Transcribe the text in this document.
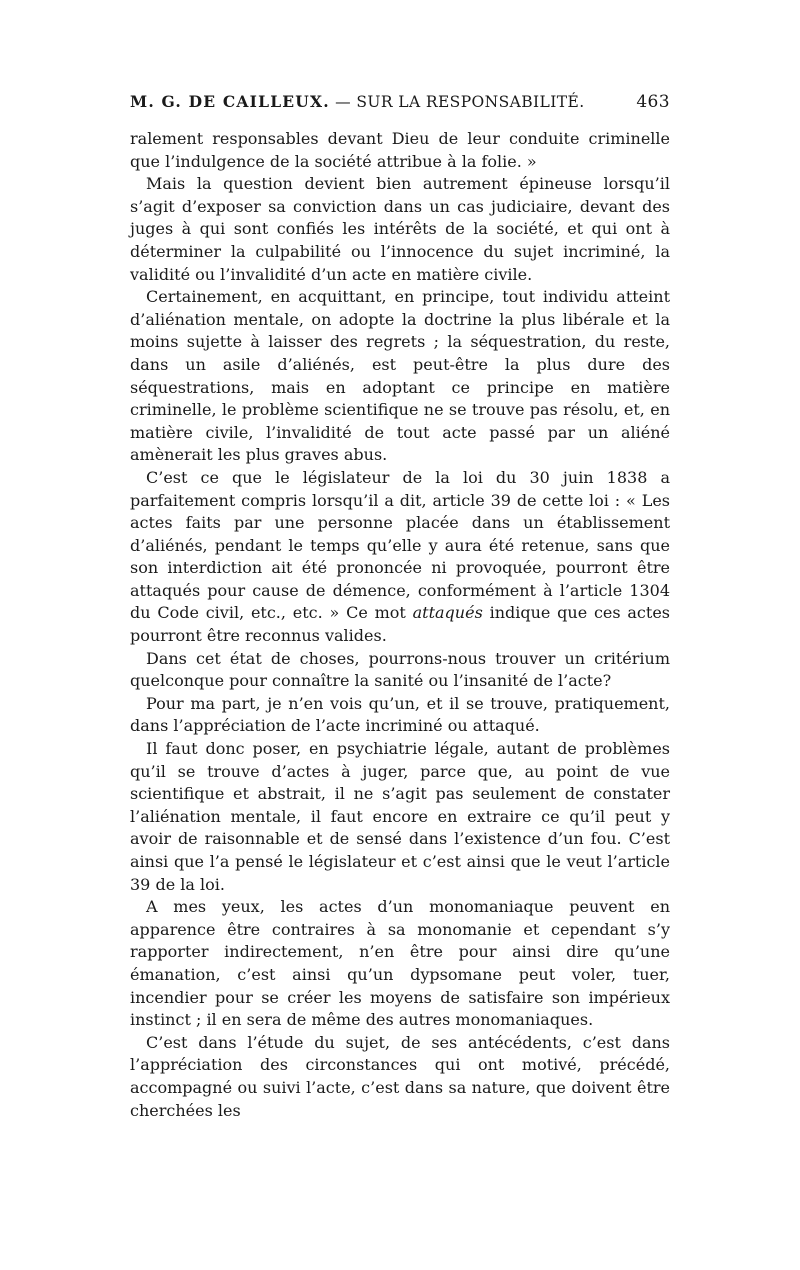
M. G. DE CAILLEUX. — SUR LA RESPONSABILITÉ.	463

ralement responsables devant Dieu de leur conduite criminelle que l’indulgence de la société attribue à la folie. »

Mais la question devient bien autrement épineuse lorsqu’il s’agit d’exposer sa conviction dans un cas judiciaire, devant des juges à qui sont confiés les intérêts de la société, et qui ont à déterminer la culpabilité ou l’innocence du sujet incriminé, la validité ou l’invalidité d’un acte en matière civile.

Certainement, en acquittant, en principe, tout individu atteint d’aliénation mentale, on adopte la doctrine la plus libérale et la moins sujette à laisser des regrets ; la séquestration, du reste, dans un asile d’aliénés, est peut-être la plus dure des séquestrations, mais en adoptant ce principe en matière criminelle, le problème scientifique ne se trouve pas résolu, et, en matière civile, l’invalidité de tout acte passé par un aliéné amènerait les plus graves abus.

C’est ce que le législateur de la loi du 30 juin 1838 a parfaitement compris lorsqu’il a dit, article 39 de cette loi : « Les actes faits par une personne placée dans un établissement d’aliénés, pendant le temps qu’elle y aura été retenue, sans que son interdiction ait été prononcée ni provoquée, pourront être attaqués pour cause de démence, conformément à l’article 1304 du Code civil, etc., etc. » Ce mot attaqués indique que ces actes pourront être reconnus valides.

Dans cet état de choses, pourrons-nous trouver un critérium quelconque pour connaître la sanité ou l’insanité de l’acte?

Pour ma part, je n’en vois qu’un, et il se trouve, pratiquement, dans l’appréciation de l’acte incriminé ou attaqué.

Il faut donc poser, en psychiatrie légale, autant de problèmes qu’il se trouve d’actes à juger, parce que, au point de vue scientifique et abstrait, il ne s’agit pas seulement de constater l’aliénation mentale, il faut encore en extraire ce qu’il peut y avoir de raisonnable et de sensé dans l’existence d’un fou. C’est ainsi que l’a pensé le législateur et c’est ainsi que le veut l’article 39 de la loi.

A mes yeux, les actes d’un monomaniaque peuvent en apparence être contraires à sa monomanie et cependant s’y rapporter indirectement, n’en être pour ainsi dire qu’une émanation, c’est ainsi qu’un dypsomane peut voler, tuer, incendier pour se créer les moyens de satisfaire son impérieux instinct ; il en sera de même des autres monomaniaques.

C’est dans l’étude du sujet, de ses antécédents, c’est dans l’appréciation des circonstances qui ont motivé, précédé, accompagné ou suivi l’acte, c’est dans sa nature, que doivent être cherchées les
